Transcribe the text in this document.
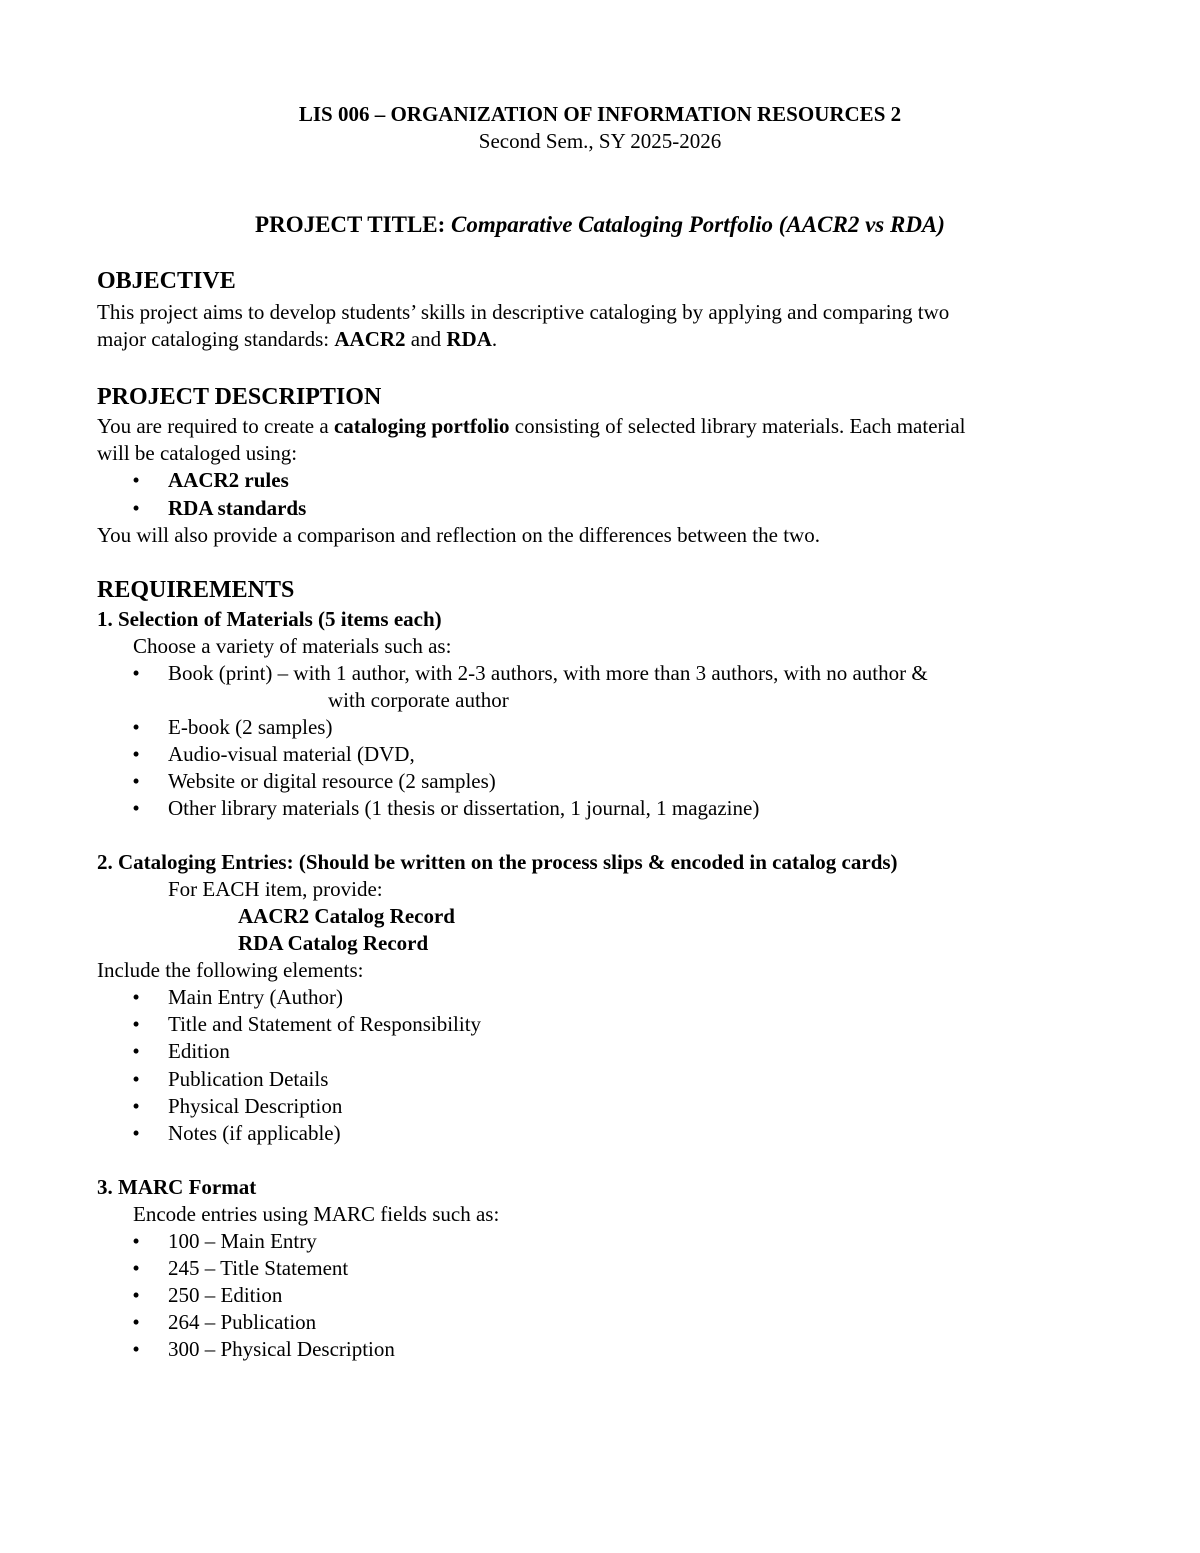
LIS 006 – ORGANIZATION OF INFORMATION RESOURCES 2
Second Sem., SY 2025-2026
PROJECT TITLE: Comparative Cataloging Portfolio (AACR2 vs RDA)
OBJECTIVE
This project aims to develop students’ skills in descriptive cataloging by applying and comparing two
major cataloging standards: AACR2 and RDA.
PROJECT DESCRIPTION
You are required to create a cataloging portfolio consisting of selected library materials. Each material
will be cataloged using:
• AACR2 rules
• RDA standards
You will also provide a comparison and reflection on the differences between the two.
REQUIREMENTS
1. Selection of Materials (5 items each)
Choose a variety of materials such as:
• Book (print) – with 1 author, with 2-3 authors, with more than 3 authors, with no author &
with corporate author
• E-book (2 samples)
• Audio-visual material (DVD,
• Website or digital resource (2 samples)
• Other library materials (1 thesis or dissertation, 1 journal, 1 magazine)
2. Cataloging Entries: (Should be written on the process slips & encoded in catalog cards)
For EACH item, provide:
AACR2 Catalog Record
RDA Catalog Record
Include the following elements:
• Main Entry (Author)
• Title and Statement of Responsibility
• Edition
• Publication Details
• Physical Description
• Notes (if applicable)
3. MARC Format
Encode entries using MARC fields such as:
• 100 – Main Entry
• 245 – Title Statement
• 250 – Edition
• 264 – Publication
• 300 – Physical Description
